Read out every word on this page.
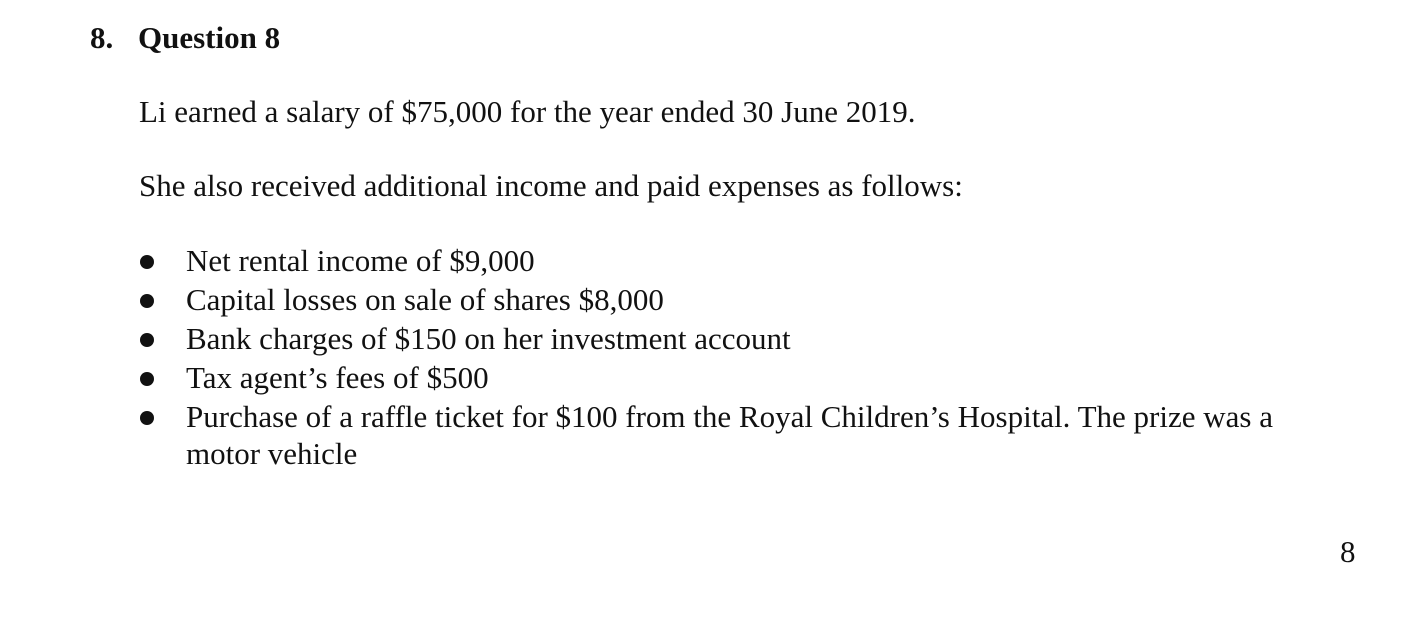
8. Question 8
Li earned a salary of $75,000 for the year ended 30 June 2019.
She also received additional income and paid expenses as follows:
Net rental income of $9,000
Capital losses on sale of shares $8,000
Bank charges of $150 on her investment account
Tax agent’s fees of $500
Purchase of a raffle ticket for $100 from the Royal Children’s Hospital. The prize was a motor vehicle
8
